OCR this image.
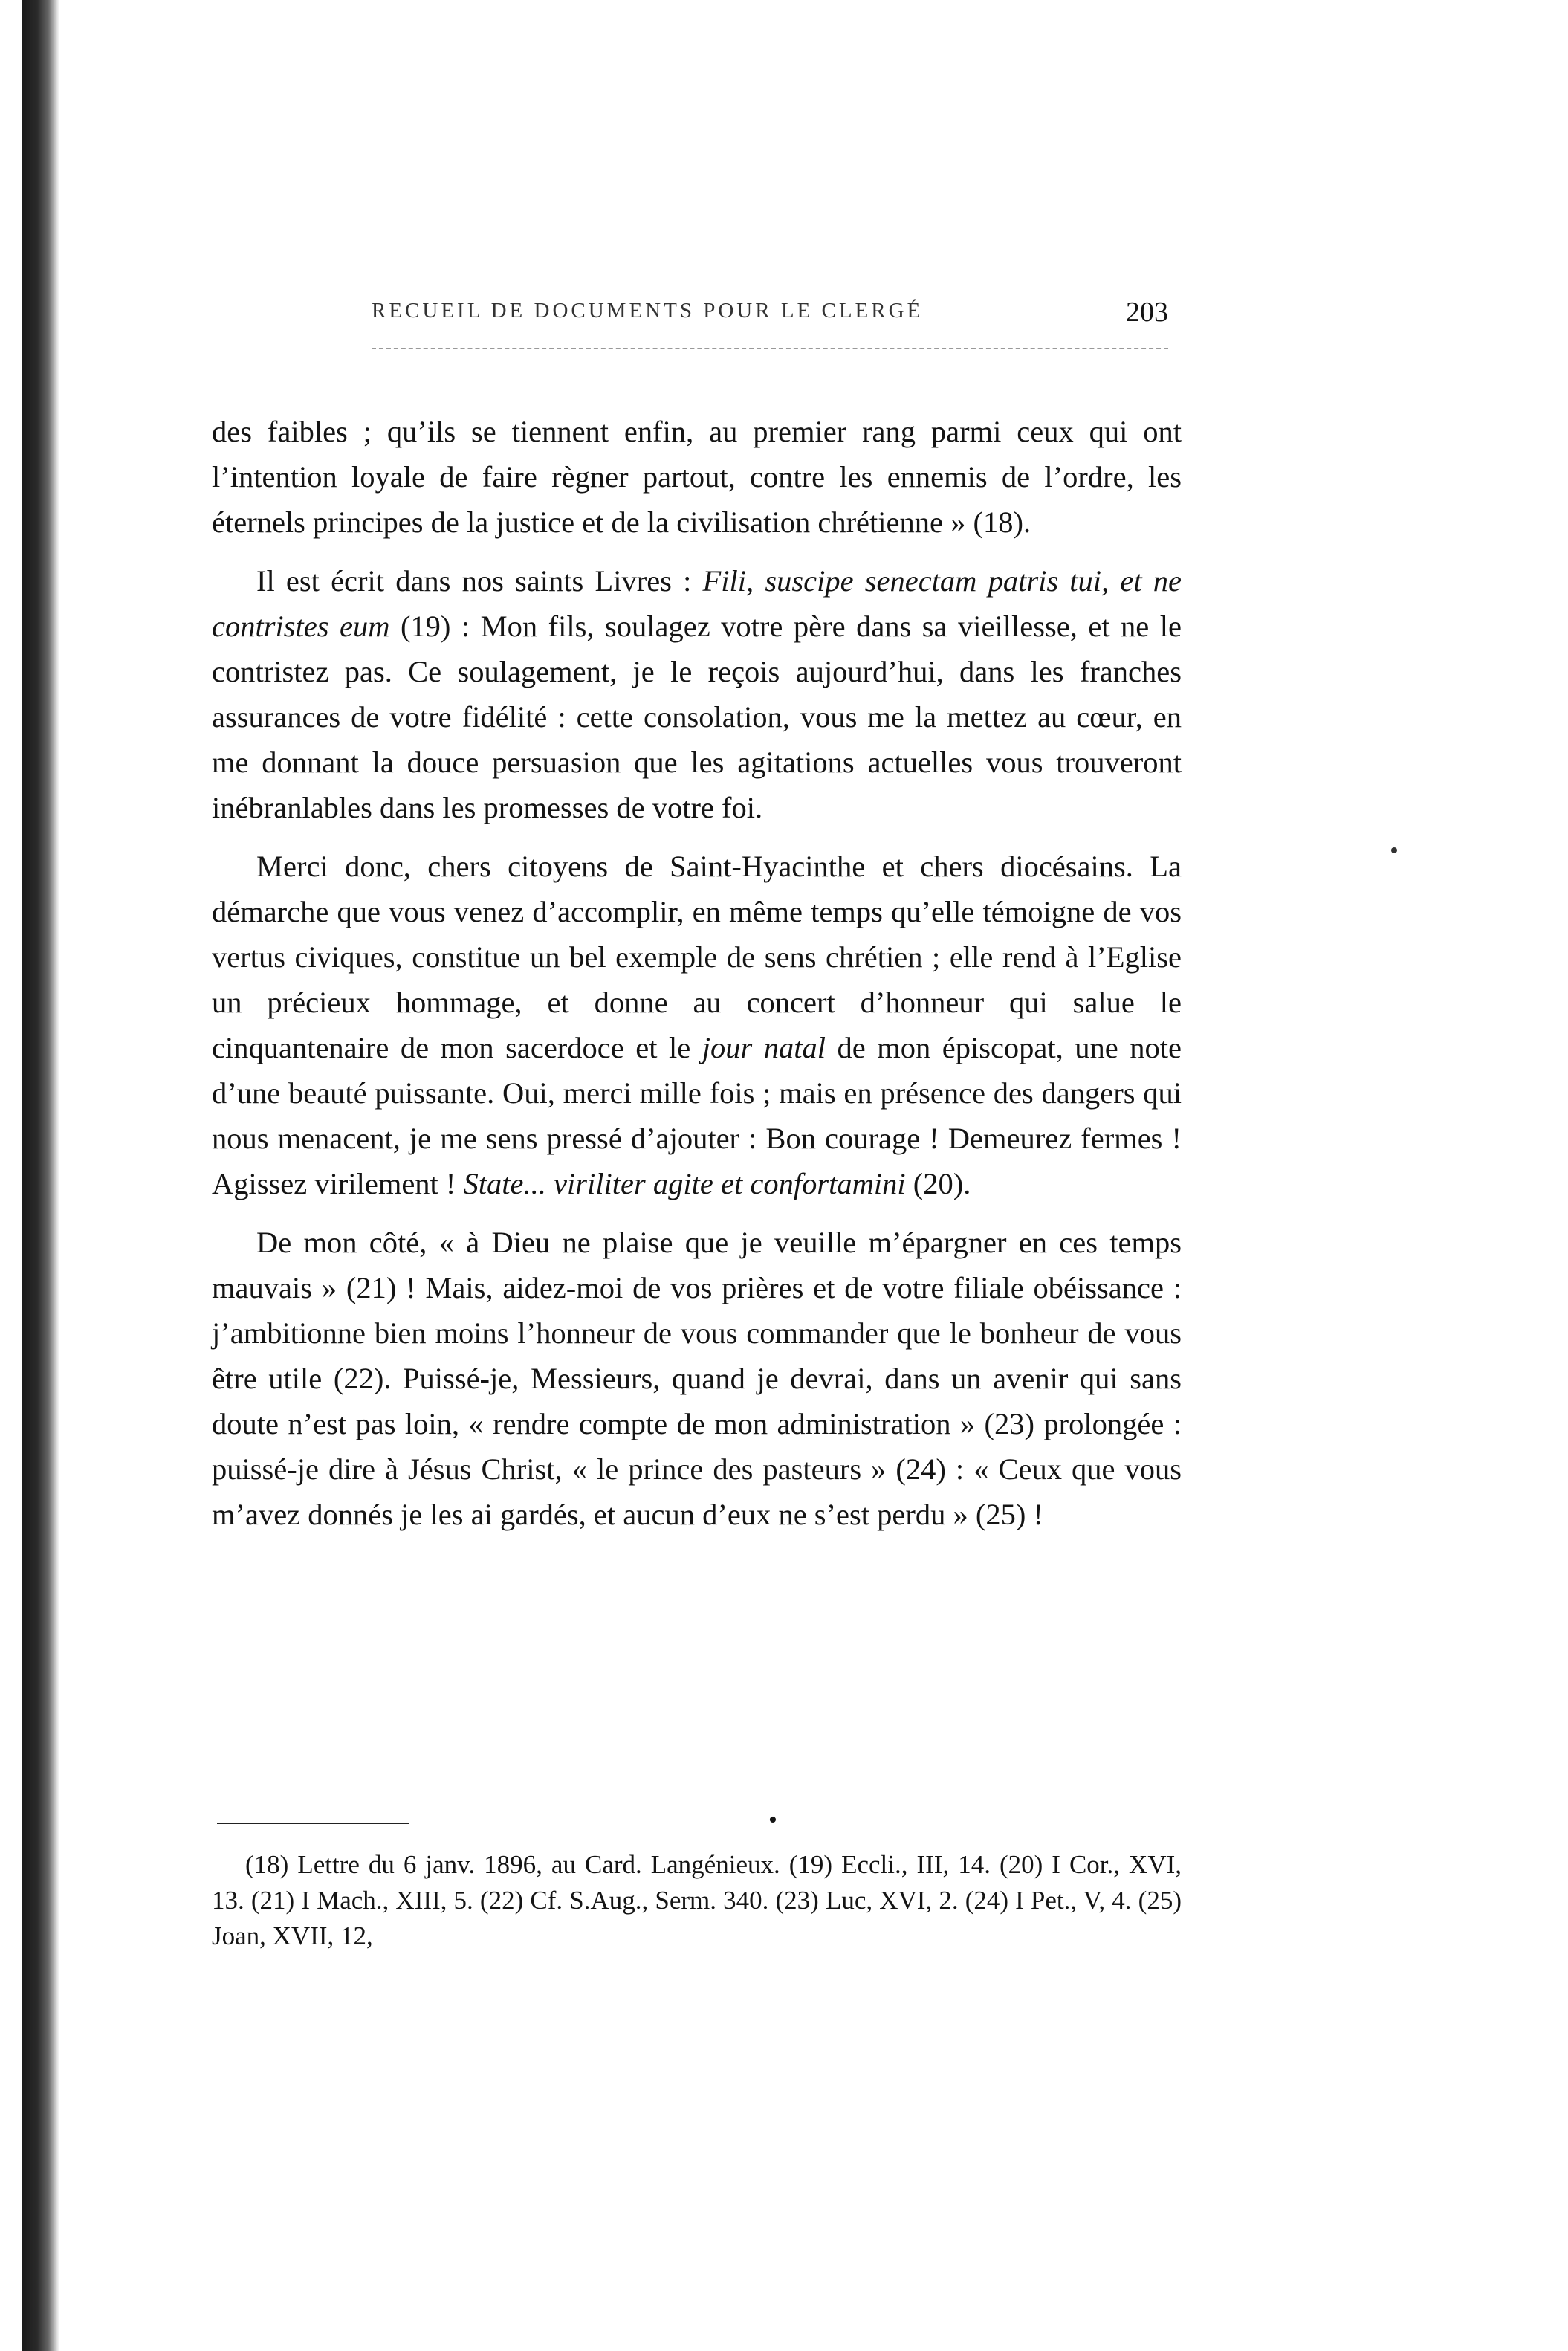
RECUEIL DE DOCUMENTS POUR LE CLERGÉ	203

des faibles ; qu’ils se tiennent enfin, au premier rang parmi ceux qui ont l’intention loyale de faire règner partout, contre les ennemis de l’ordre, les éternels principes de la justice et de la civilisation chrétienne » (18).

Il est écrit dans nos saints Livres : Fili, suscipe senectam patris tui, et ne contristes eum (19) : Mon fils, soulagez votre père dans sa vieillesse, et ne le contristez pas. Ce soulagement, je le reçois aujourd’hui, dans les franches assurances de votre fidélité : cette consolation, vous me la mettez au cœur, en me donnant la douce persuasion que les agitations actuelles vous trouveront inébranlables dans les promesses de votre foi.

Merci donc, chers citoyens de Saint-Hyacinthe et chers diocésains. La démarche que vous venez d’accomplir, en même temps qu’elle témoigne de vos vertus civiques, constitue un bel exemple de sens chrétien ; elle rend à l’Eglise un précieux hommage, et donne au concert d’honneur qui salue le cinquantenaire de mon sacerdoce et le jour natal de mon épiscopat, une note d’une beauté puissante. Oui, merci mille fois ; mais en présence des dangers qui nous menacent, je me sens pressé d’ajouter : Bon courage ! Demeurez fermes ! Agissez virilement ! State... viriliter agite et confortamini (20).

De mon côté, « à Dieu ne plaise que je veuille m’épargner en ces temps mauvais » (21) ! Mais, aidez-moi de vos prières et de votre filiale obéissance : j’ambitionne bien moins l’honneur de vous commander que le bonheur de vous être utile (22). Puissé-je, Messieurs, quand je devrai, dans un avenir qui sans doute n’est pas loin, « rendre compte de mon administration » (23) prolongée : puissé-je dire à Jésus Christ, « le prince des pasteurs » (24) : « Ceux que vous m’avez donnés je les ai gardés, et aucun d’eux ne s’est perdu » (25) !

•

(18) Lettre du 6 janv. 1896, au Card. Langénieux. (19) Eccli., III, 14. (20) I Cor., XVI, 13. (21) I Mach., XIII, 5. (22) Cf. S.Aug., Serm. 340. (23) Luc, XVI, 2. (24) I Pet., V, 4. (25) Joan, XVII, 12,
